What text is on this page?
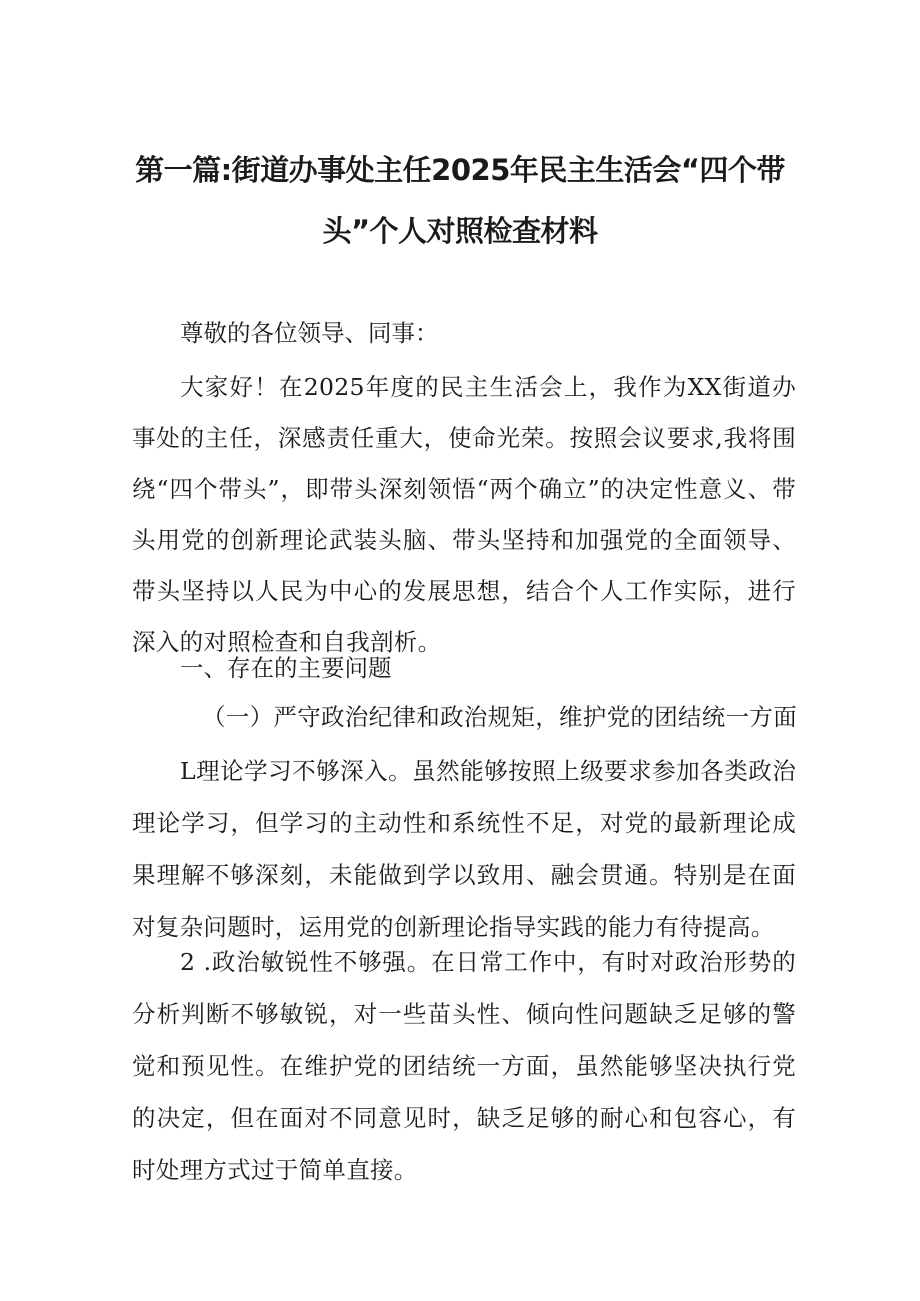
第一篇:街道办事处主任2025年民主生活会“四个带
头”个人对照检查材料
尊敬的各位领导、同事：

大家好！在2025年度的民主生活会上，我作为XX街道办事处的主任，深感责任重大，使命光荣。按照会议要求,我将围绕“四个带头”，即带头深刻领悟“两个确立”的决定性意义、带头用党的创新理论武装头脑、带头坚持和加强党的全面领导、带头坚持以人民为中心的发展思想，结合个人工作实际，进行深入的对照检查和自我剖析。

一、存在的主要问题
（一）严守政治纪律和政治规矩，维护党的团结统一方面

L理论学习不够深入。虽然能够按照上级要求参加各类政治理论学习，但学习的主动性和系统性不足，对党的最新理论成果理解不够深刻，未能做到学以致用、融会贯通。特别是在面对复杂问题时，运用党的创新理论指导实践的能力有待提高。

2 .政治敏锐性不够强。在日常工作中，有时对政治形势的分析判断不够敏锐，对一些苗头性、倾向性问题缺乏足够的警觉和预见性。在维护党的团结统一方面，虽然能够坚决执行党的决定，但在面对不同意见时，缺乏足够的耐心和包容心，有时处理方式过于简单直接。
